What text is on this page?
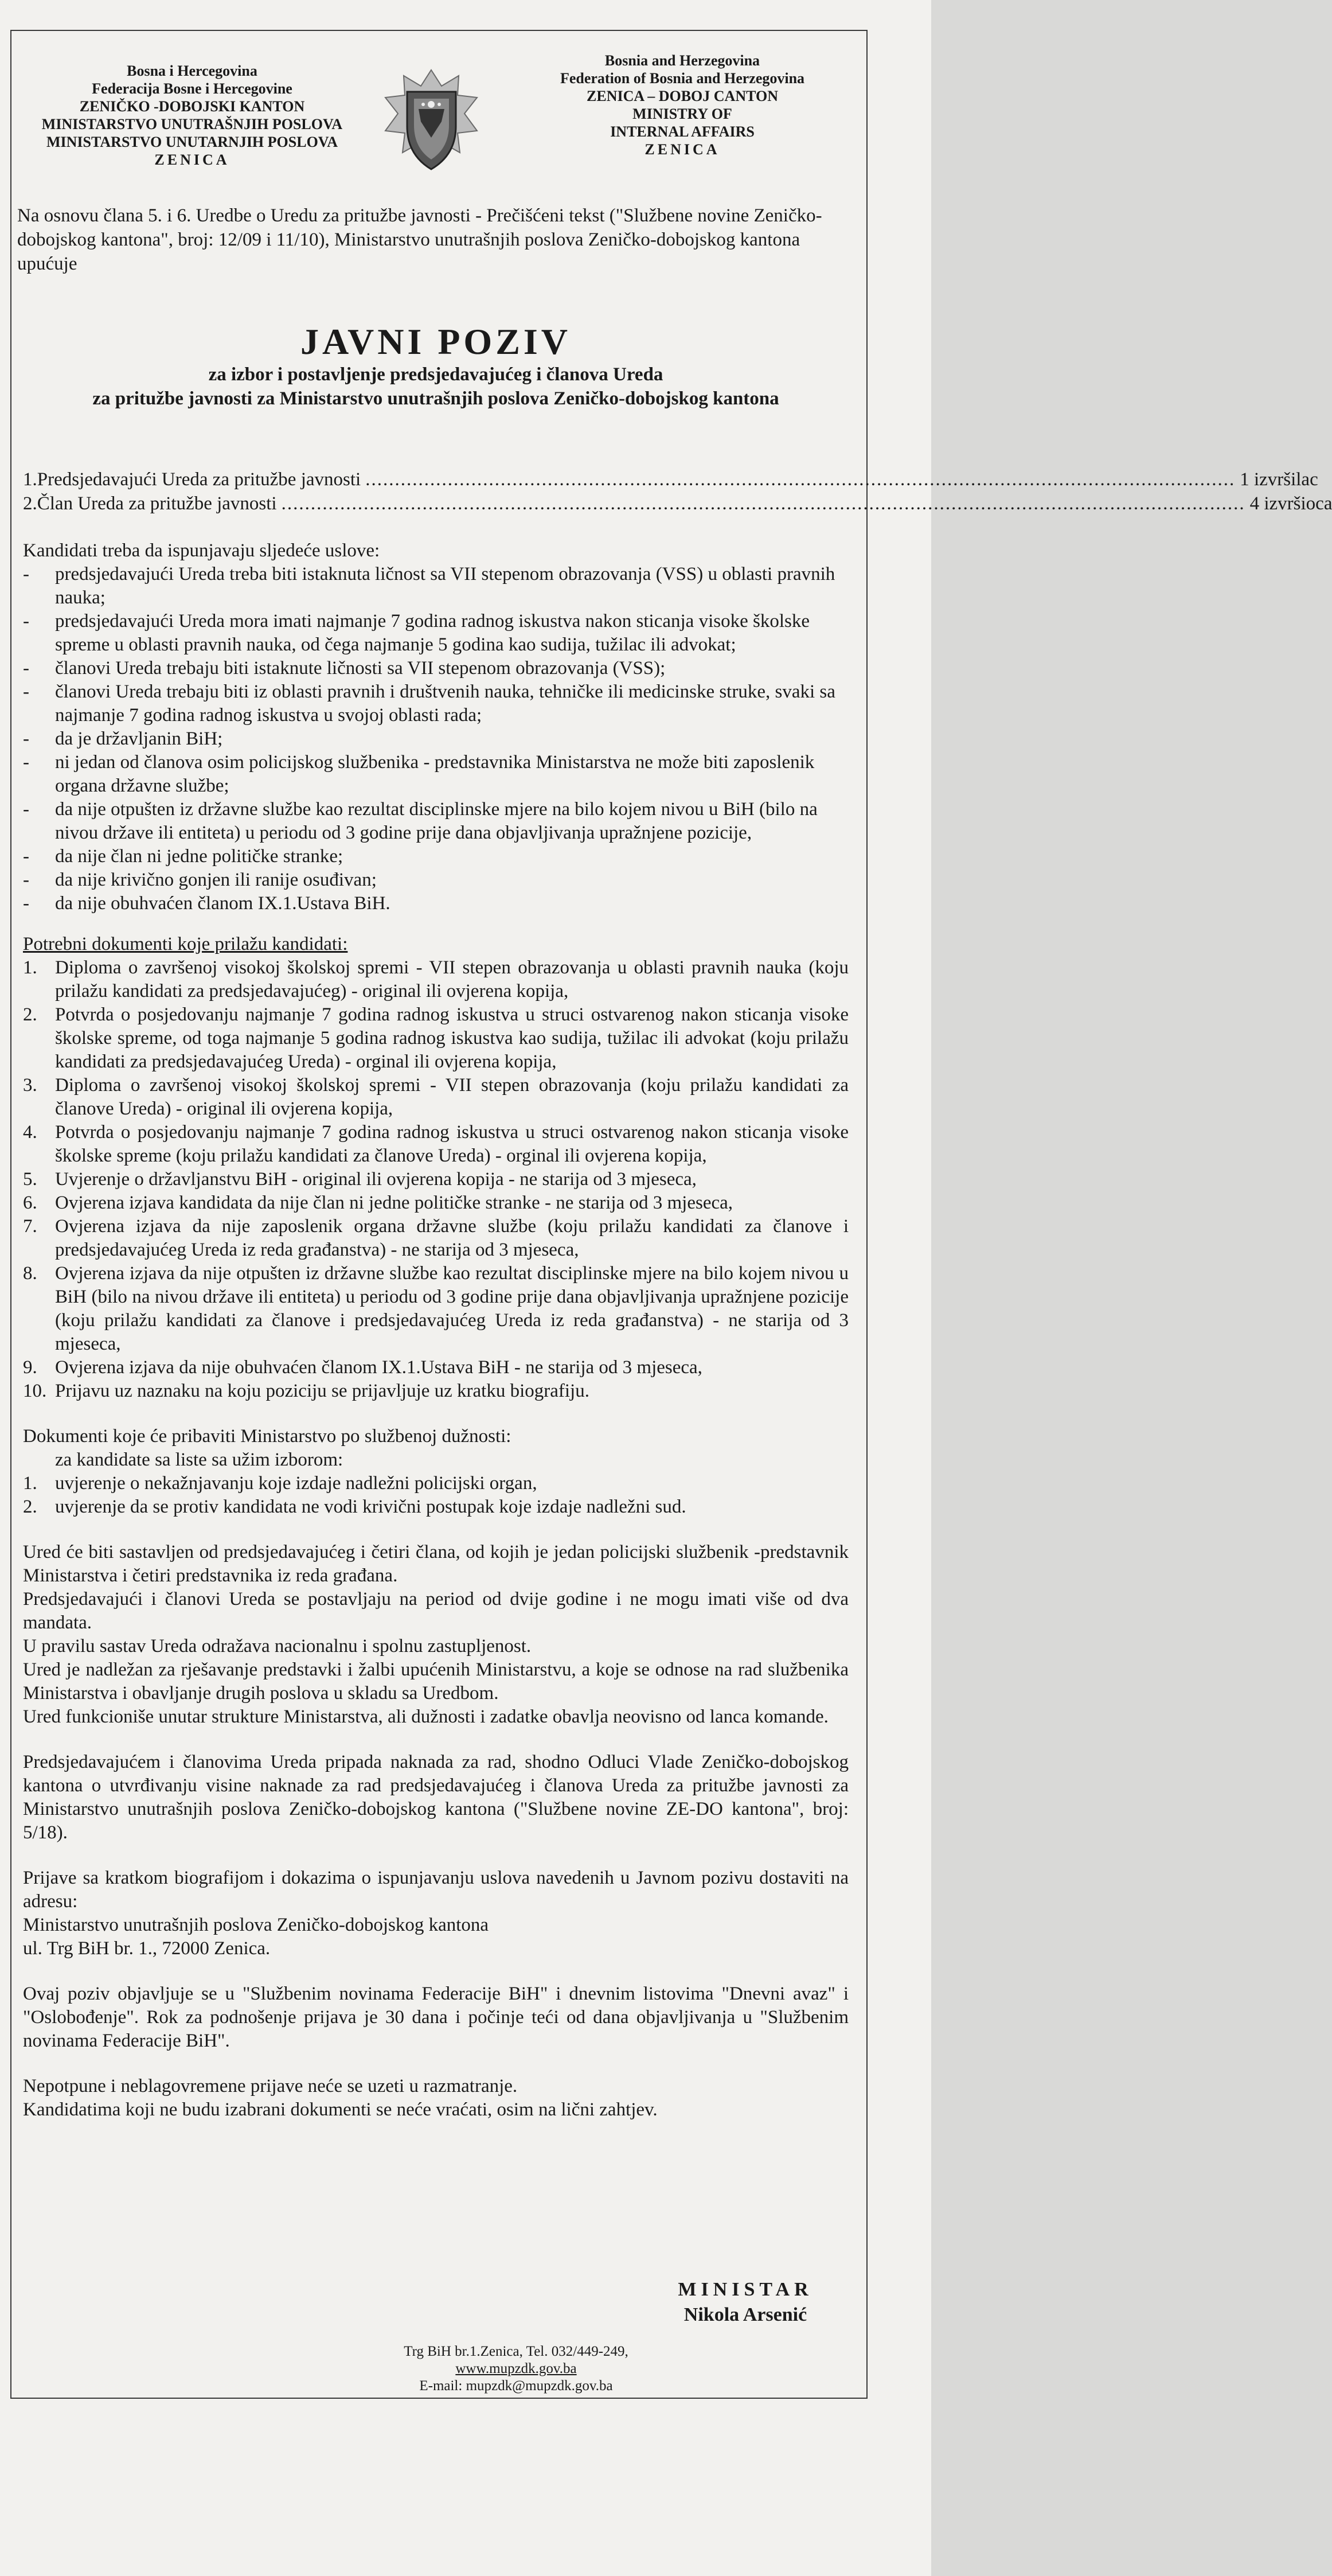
Bosna i Hercegovina
Federacija Bosne i Hercegovine
ZENIČKO -DOBOJSKI KANTON
MINISTARSTVO UNUTRAŠNJIH POSLOVA
MINISTARSTVO UNUTARNJIH POSLOVA
ZENICA
Bosnia and Herzegovina
Federation of Bosnia and Herzegovina
ZENICA – DOBOJ CANTON
MINISTRY OF
INTERNAL AFFAIRS
ZENICA
Na osnovu člana 5. i 6. Uredbe o Uredu za pritužbe javnosti - Prečišćeni tekst ("Službene novine Zeničko-dobojskog kantona", broj: 12/09 i 11/10), Ministarstvo unutrašnjih poslova Zeničko-dobojskog kantona upućuje
JAVNI POZIV
za izbor i postavljenje predsjedavajućeg i članova Ureda
za pritužbe javnosti za Ministarstvo unutrašnjih poslova Zeničko-dobojskog kantona
1. Predsjedavajući Ureda za pritužbe javnosti .................................................................................................................................................... 1 izvršilac
2. Član Ureda za pritužbe javnosti .................................................................................................................................................................... 4 izvršioca
Kandidati treba da ispunjavaju sljedeće uslove:
- predsjedavajući Ureda treba biti istaknuta ličnost sa VII stepenom obrazovanja (VSS) u oblasti pravnih nauka;
- predsjedavajući Ureda mora imati najmanje 7 godina radnog iskustva nakon sticanja visoke školske spreme u oblasti pravnih nauka, od čega najmanje 5 godina kao sudija, tužilac ili advokat;
- članovi Ureda trebaju biti istaknute ličnosti sa VII stepenom obrazovanja (VSS);
- članovi Ureda trebaju biti iz oblasti pravnih i društvenih nauka, tehničke ili medicinske struke, svaki sa najmanje 7 godina radnog iskustva u svojoj oblasti rada;
- da je državljanin BiH;
- ni jedan od članova osim policijskog službenika - predstavnika Ministarstva ne može biti zaposlenik organa državne službe;
- da nije otpušten iz državne službe kao rezultat disciplinske mjere na bilo kojem nivou u BiH (bilo na nivou države ili entiteta) u periodu od 3 godine prije dana objavljivanja upražnjene pozicije,
- da nije član ni jedne političke stranke;
- da nije krivično gonjen ili ranije osuđivan;
- da nije obuhvaćen članom IX.1.Ustava BiH.
Potrebni dokumenti koje prilažu kandidati:
1. Diploma o završenoj visokoj školskoj spremi - VII stepen obrazovanja u oblasti pravnih nauka (koju prilažu kandidati za predsjedavajućeg) - original ili ovjerena kopija,
2. Potvrda o posjedovanju najmanje 7 godina radnog iskustva u struci ostvarenog nakon sticanja visoke školske spreme, od toga najmanje 5 godina radnog iskustva kao sudija, tužilac ili advokat (koju prilažu kandidati za predsjedavajućeg Ureda) - orginal ili ovjerena kopija,
3. Diploma o završenoj visokoj školskoj spremi - VII stepen obrazovanja (koju prilažu kandidati za članove Ureda) - original ili ovjerena kopija,
4. Potvrda o posjedovanju najmanje 7 godina radnog iskustva u struci ostvarenog nakon sticanja visoke školske spreme (koju prilažu kandidati za članove Ureda) - orginal ili ovjerena kopija,
5. Uvjerenje o državljanstvu BiH - original ili ovjerena kopija - ne starija od 3 mjeseca,
6. Ovjerena izjava kandidata da nije član ni jedne političke stranke - ne starija od 3 mjeseca,
7. Ovjerena izjava da nije zaposlenik organa državne službe (koju prilažu kandidati za članove i predsjedavajućeg Ureda iz reda građanstva) - ne starija od 3 mjeseca,
8. Ovjerena izjava da nije otpušten iz državne službe kao rezultat disciplinske mjere na bilo kojem nivou u BiH (bilo na nivou države ili entiteta) u periodu od 3 godine prije dana objavljivanja upražnjene pozicije (koju prilažu kandidati za članove i predsjedavajućeg Ureda iz reda građanstva) - ne starija od 3 mjeseca,
9. Ovjerena izjava da nije obuhvaćen članom IX.1.Ustava BiH - ne starija od 3 mjeseca,
10. Prijavu uz naznaku na koju poziciju se prijavljuje uz kratku biografiju.
Dokumenti koje će pribaviti Ministarstvo po službenoj dužnosti:
za kandidate sa liste sa užim izborom:
1. uvjerenje o nekažnjavanju koje izdaje nadležni policijski organ,
2. uvjerenje da se protiv kandidata ne vodi krivični postupak koje izdaje nadležni sud.

Ured će biti sastavljen od predsjedavajućeg i četiri člana, od kojih je jedan policijski službenik -predstavnik Ministarstva i četiri predstavnika iz reda građana.

Predsjedavajući i članovi Ureda se postavljaju na period od dvije godine i ne mogu imati više od dva mandata.

U pravilu sastav Ureda odražava nacionalnu i spolnu zastupljenost.

Ured je nadležan za rješavanje predstavki i žalbi upućenih Ministarstvu, a koje se odnose na rad službenika Ministarstva i obavljanje drugih poslova u skladu sa Uredbom.

Ured funkcioniše unutar strukture Ministarstva, ali dužnosti i zadatke obavlja neovisno od lanca komande.

Predsjedavajućem i članovima Ureda pripada naknada za rad, shodno Odluci Vlade Zeničko-dobojskog kantona o utvrđivanju visine naknade za rad predsjedavajućeg i članova Ureda za pritužbe javnosti za Ministarstvo unutrašnjih poslova Zeničko-dobojskog kantona ("Službene novine ZE-DO kantona", broj: 5/18).

Prijave sa kratkom biografijom i dokazima o ispunjavanju uslova navedenih u Javnom pozivu dostaviti na adresu:

Ministarstvo unutrašnjih poslova Zeničko-dobojskog kantona

ul. Trg BiH br. 1., 72000 Zenica.

Ovaj poziv objavljuje se u "Službenim novinama Federacije BiH" i dnevnim listovima "Dnevni avaz" i "Oslobođenje". Rok za podnošenje prijava je 30 dana i počinje teći od dana objavljivanja u "Službenim novinama Federacije BiH".

Nepotpune i neblagovremene prijave neće se uzeti u razmatranje.

Kandidatima koji ne budu izabrani dokumenti se neće vraćati, osim na lični zahtjev.

MINISTAR
Nikola Arsenić
Trg BiH br.1.Zenica, Tel. 032/449-249,
www.mupzdk.gov.ba
E-mail: mupzdk@mupzdk.gov.ba
